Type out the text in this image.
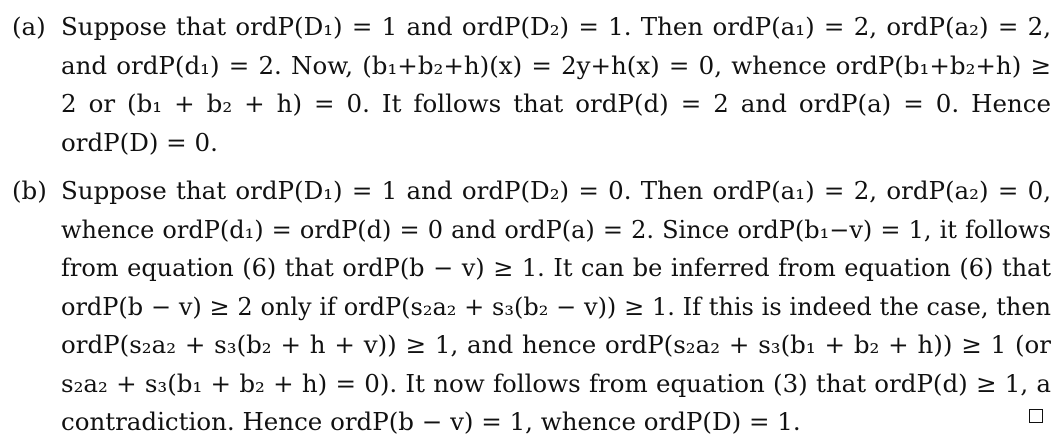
(a) Suppose that ordP(D₁) = 1 and ordP(D₂) = 1. Then ordP(a₁) = 2, ordP(a₂) = 2,
and ordP(d₁) = 2. Now, (b₁+b₂+h)(x) = 2y+h(x) = 0, whence ordP(b₁+b₂+h) ≥
2 or (b₁ + b₂ + h) = 0. It follows that ordP(d) = 2 and ordP(a) = 0. Hence
ordP(D) = 0.
(b) Suppose that ordP(D₁) = 1 and ordP(D₂) = 0. Then ordP(a₁) = 2, ordP(a₂) = 0,
whence ordP(d₁) = ordP(d) = 0 and ordP(a) = 2. Since ordP(b₁−v) = 1, it follows
from equation (6) that ordP(b − v) ≥ 1. It can be inferred from equation (6) that
ordP(b − v) ≥ 2 only if ordP(s₂a₂ + s₃(b₂ − v)) ≥ 1. If this is indeed the case, then
ordP(s₂a₂ + s₃(b₂ + h + v)) ≥ 1, and hence ordP(s₂a₂ + s₃(b₁ + b₂ + h)) ≥ 1 (or
s₂a₂ + s₃(b₁ + b₂ + h) = 0). It now follows from equation (3) that ordP(d) ≥ 1, a
contradiction. Hence ordP(b − v) = 1, whence ordP(D) = 1.
